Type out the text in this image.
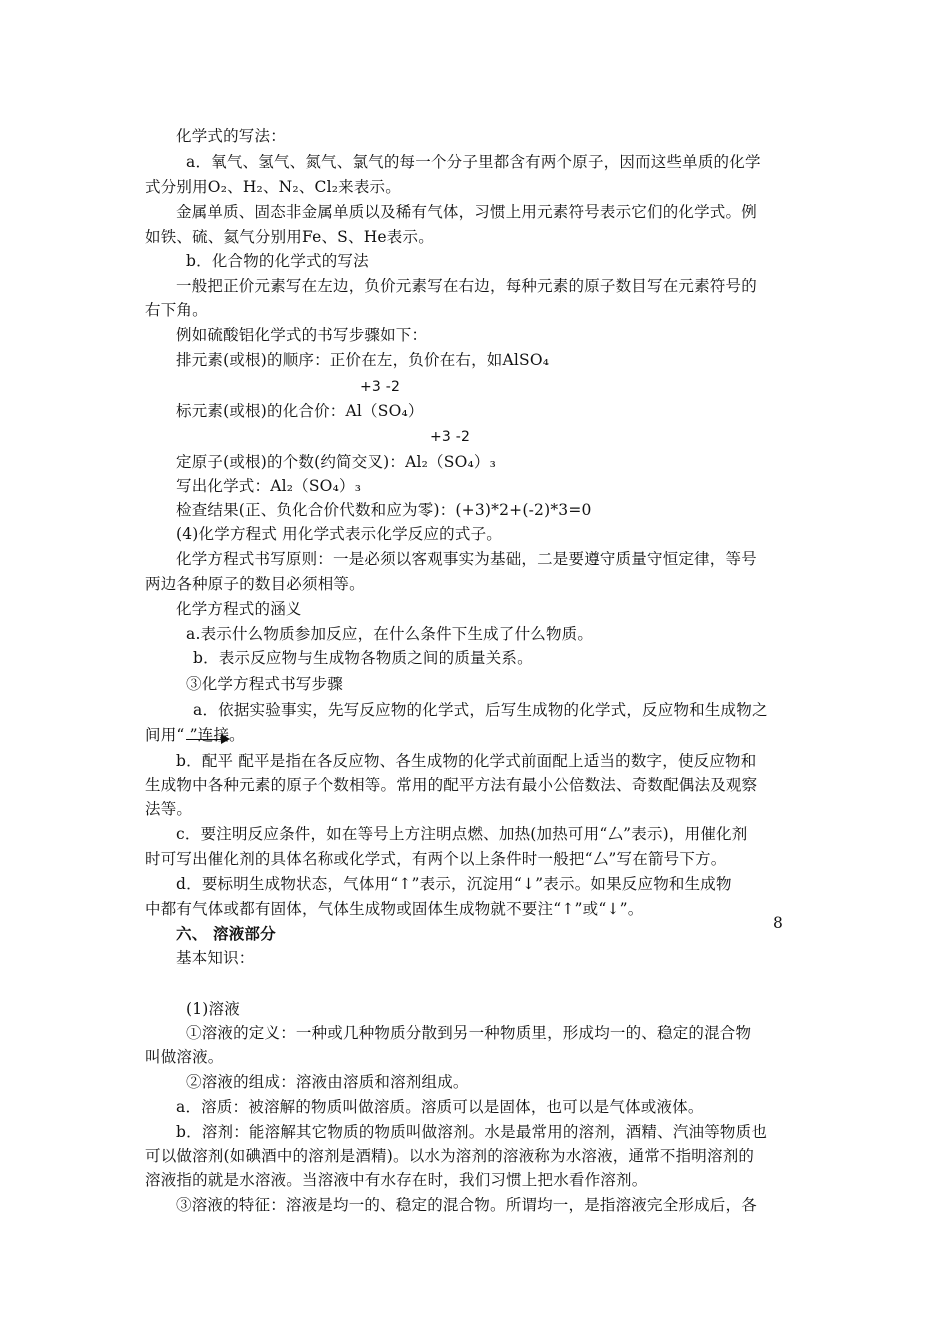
化学式的写法：
a．氧气、氢气、氮气、氯气的每一个分子里都含有两个原子，因而这些单质的化学
式分别用O₂、H₂、N₂、Cl₂来表示。
金属单质、固态非金属单质以及稀有气体，习惯上用元素符号表示它们的化学式。例
如铁、硫、氦气分别用Fe、S、He表示。
b．化合物的化学式的写法
一般把正价元素写在左边，负价元素写在右边，每种元素的原子数目写在元素符号的
右下角。
例如硫酸铝化学式的书写步骤如下：
排元素(或根)的顺序：正价在左，负价在右，如AlSO₄
+3 -2
标元素(或根)的化合价：Al（SO₄）
+3 -2
定原子(或根)的个数(约简交叉)：Al₂（SO₄）₃
写出化学式：Al₂（SO₄）₃
检查结果(正、负化合价代数和应为零)：(+3)*2+(-2)*3=0
(4)化学方程式 用化学式表示化学反应的式子。
化学方程式书写原则：一是必须以客观事实为基础，二是要遵守质量守恒定律，等号
两边各种原子的数目必须相等。
化学方程式的涵义
a.表示什么物质参加反应，在什么条件下生成了什么物质。
b．表示反应物与生成物各物质之间的质量关系。
③化学方程式书写步骤
a．依据实验事实，先写反应物的化学式，后写生成物的化学式，反应物和生成物之
间用“ ”连接。
b．配平 配平是指在各反应物、各生成物的化学式前面配上适当的数字，使反应物和
生成物中各种元素的原子个数相等。常用的配平方法有最小公倍数法、奇数配偶法及观察
法等。
c．要注明反应条件，如在等号上方注明点燃、加热(加热可用“厶”表示)，用催化剂
时可写出催化剂的具体名称或化学式，有两个以上条件时一般把“厶”写在箭号下方。
d．要标明生成物状态，气体用“↑”表示，沉淀用“↓”表示。如果反应物和生成物
中都有气体或都有固体，气体生成物或固体生成物就不要注“↑”或“↓”。
六、 溶液部分
基本知识：
(1)溶液
①溶液的定义：一种或几种物质分散到另一种物质里，形成均一的、稳定的混合物
叫做溶液。
②溶液的组成：溶液由溶质和溶剂组成。
a．溶质：被溶解的物质叫做溶质。溶质可以是固体，也可以是气体或液体。
b．溶剂：能溶解其它物质的物质叫做溶剂。水是最常用的溶剂，酒精、汽油等物质也
可以做溶剂(如碘酒中的溶剂是酒精)。以水为溶剂的溶液称为水溶液，通常不指明溶剂的
溶液指的就是水溶液。当溶液中有水存在时，我们习惯上把水看作溶剂。
③溶液的特征：溶液是均一的、稳定的混合物。所谓均一，是指溶液完全形成后，各
8
